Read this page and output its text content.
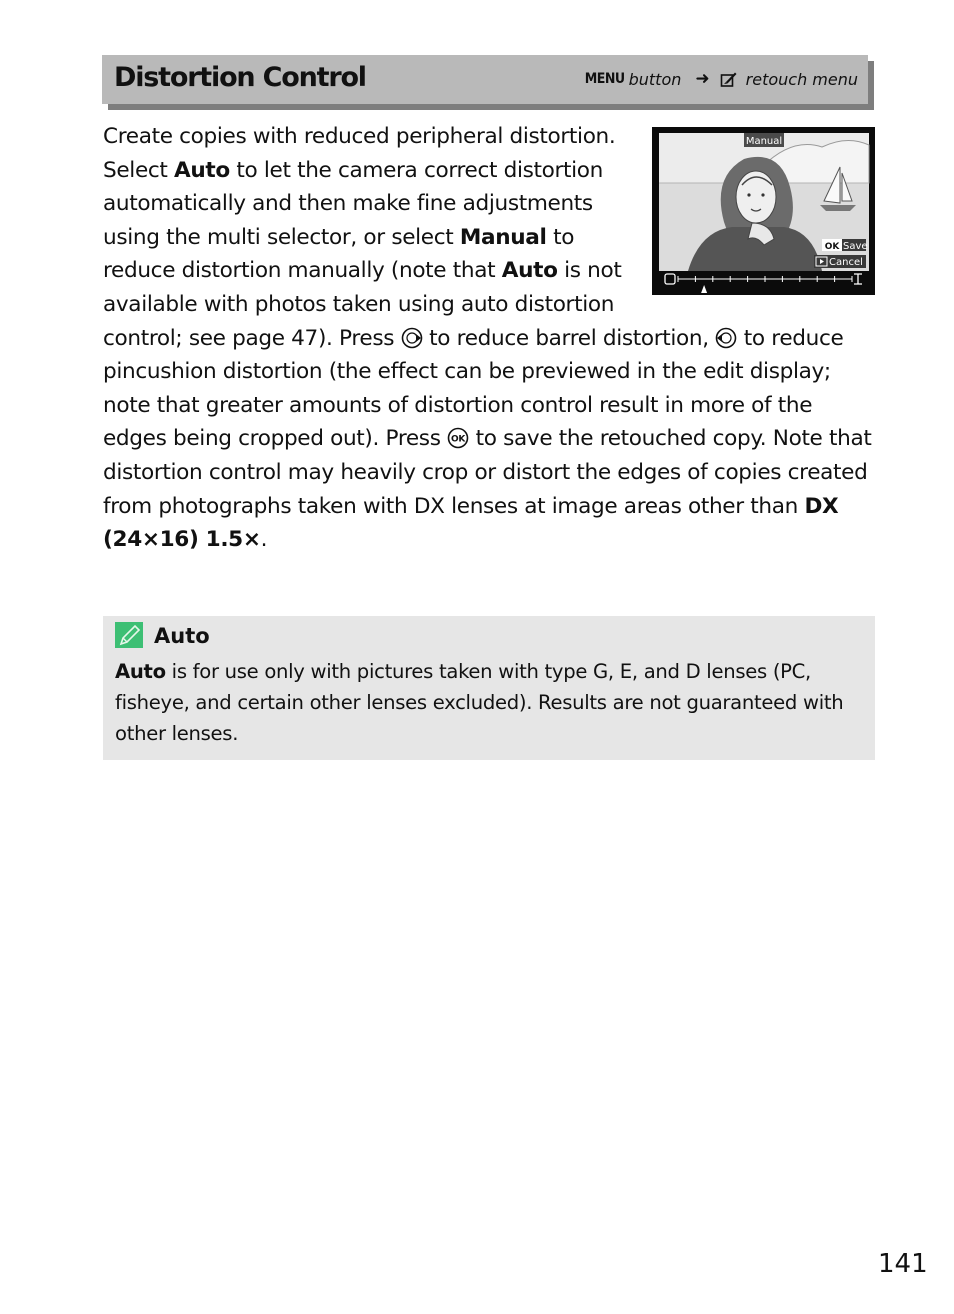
Distortion Control	MENU button ➜ retouch menu
Manual
OK Save
Cancel
Create copies with reduced peripheral distortion. Select Auto to let the camera correct distortion automatically and then make fine adjustments using the multi selector, or select Manual to reduce distortion manually (note that Auto is not available with photos taken using auto distortion control; see page 47). Press  to reduce barrel distortion,  to reduce pincushion distortion (the effect can be previewed in the edit display; note that greater amounts of distortion control result in more of the edges being cropped out). Press OK to save the retouched copy. Note that distortion control may heavily crop or distort the edges of copies created from photographs taken with DX lenses at image areas other than DX (24×16) 1.5×.
Auto
Auto is for use only with pictures taken with type G, E, and D lenses (PC, fisheye, and certain other lenses excluded). Results are not guaranteed with other lenses.
141
